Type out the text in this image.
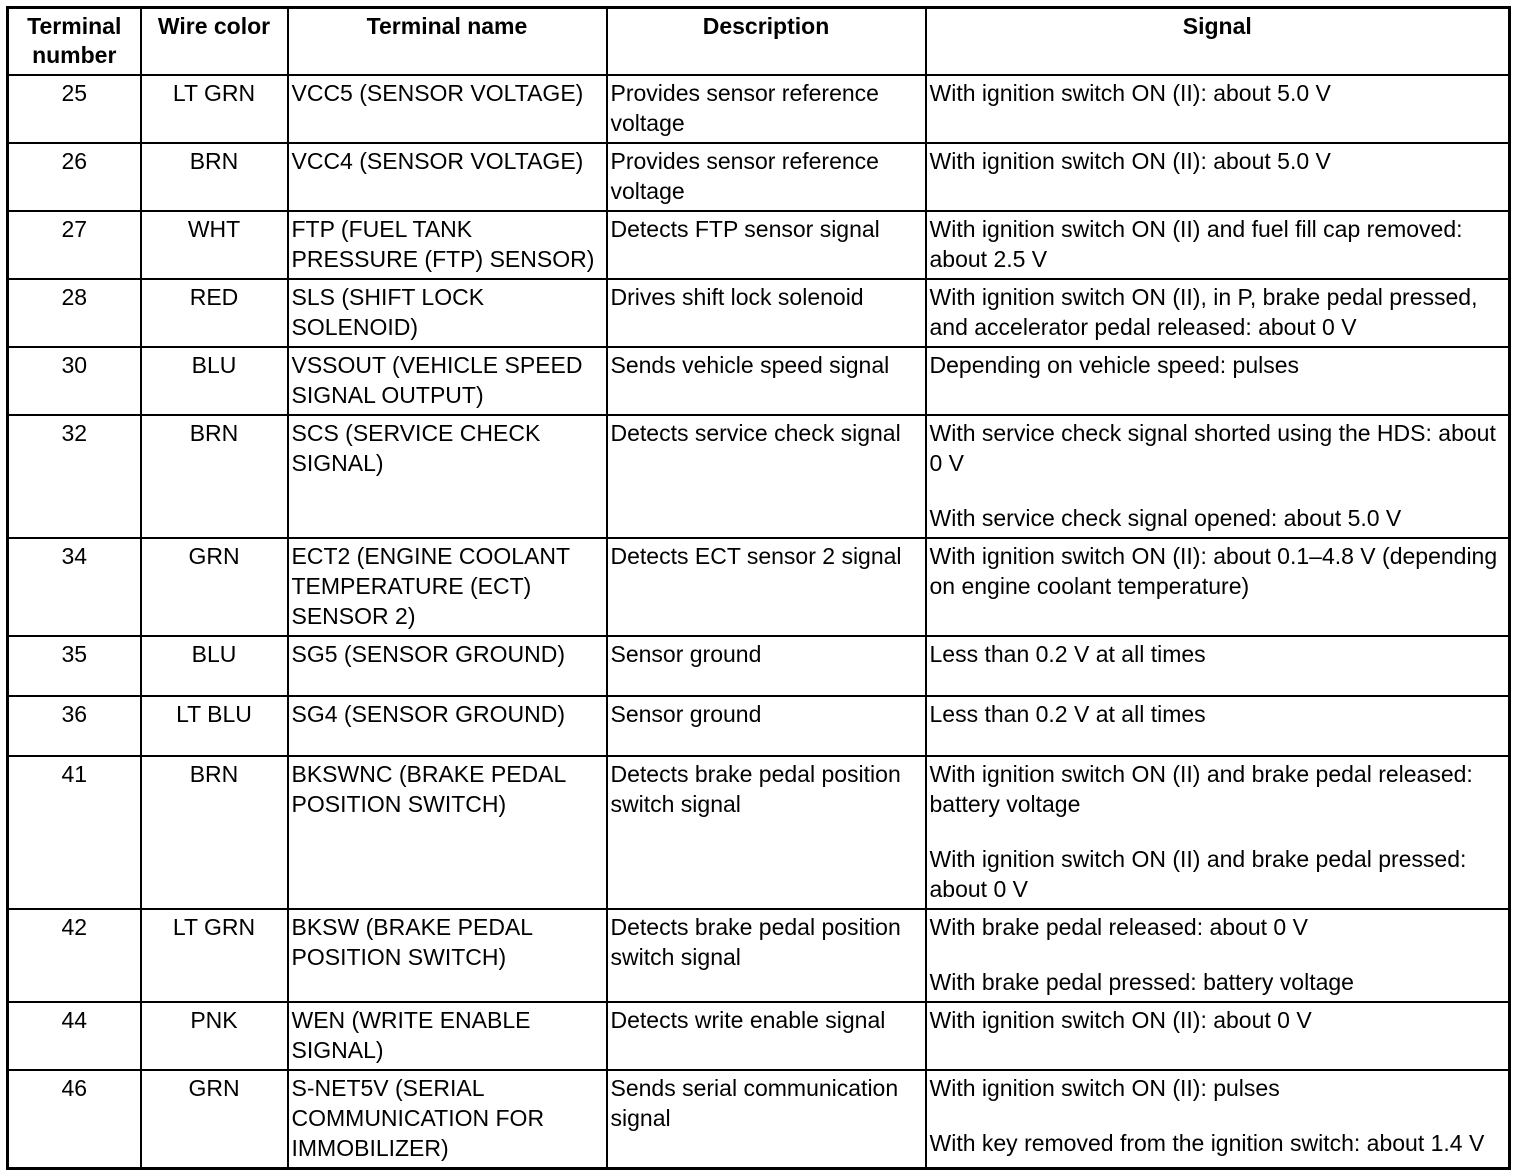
Terminal number	Wire color	Terminal name	Description	Signal
25	LT GRN	VCC5 (SENSOR VOLTAGE)	Provides sensor reference voltage	With ignition switch ON (II): about 5.0 V

26	BRN	VCC4 (SENSOR VOLTAGE)	Provides sensor reference voltage	With ignition switch ON (II): about 5.0 V

27	WHT	FTP (FUEL TANK PRESSURE (FTP) SENSOR)	Detects FTP sensor signal	With ignition switch ON (II) and fuel fill cap removed: about 2.5 V

28	RED	SLS (SHIFT LOCK SOLENOID)	Drives shift lock solenoid	With ignition switch ON (II), in P, brake pedal pressed, and accelerator pedal released: about 0 V

30	BLU	VSSOUT (VEHICLE SPEED SIGNAL OUTPUT)	Sends vehicle speed signal	Depending on vehicle speed: pulses

32	BRN	SCS (SERVICE CHECK SIGNAL)	Detects service check signal	With service check signal shorted using the HDS: about 0 V
With service check signal opened: about 5.0 V

34	GRN	ECT2 (ENGINE COOLANT TEMPERATURE (ECT) SENSOR 2)	Detects ECT sensor 2 signal	With ignition switch ON (II): about 0.1–4.8 V (depending on engine coolant temperature)

35	BLU	SG5 (SENSOR GROUND)	Sensor ground	Less than 0.2 V at all times

36	LT BLU	SG4 (SENSOR GROUND)	Sensor ground	Less than 0.2 V at all times

41	BRN	BKSWNC (BRAKE PEDAL POSITION SWITCH)	Detects brake pedal position switch signal	With ignition switch ON (II) and brake pedal released: battery voltage
With ignition switch ON (II) and brake pedal pressed: about 0 V

42	LT GRN	BKSW (BRAKE PEDAL POSITION SWITCH)	Detects brake pedal position switch signal	With brake pedal released: about 0 V
With brake pedal pressed: battery voltage

44	PNK	WEN (WRITE ENABLE SIGNAL)	Detects write enable signal	With ignition switch ON (II): about 0 V

46	GRN	S-NET5V (SERIAL COMMUNICATION FOR IMMOBILIZER)	Sends serial communication signal	With ignition switch ON (II): pulses
With key removed from the ignition switch: about 1.4 V
